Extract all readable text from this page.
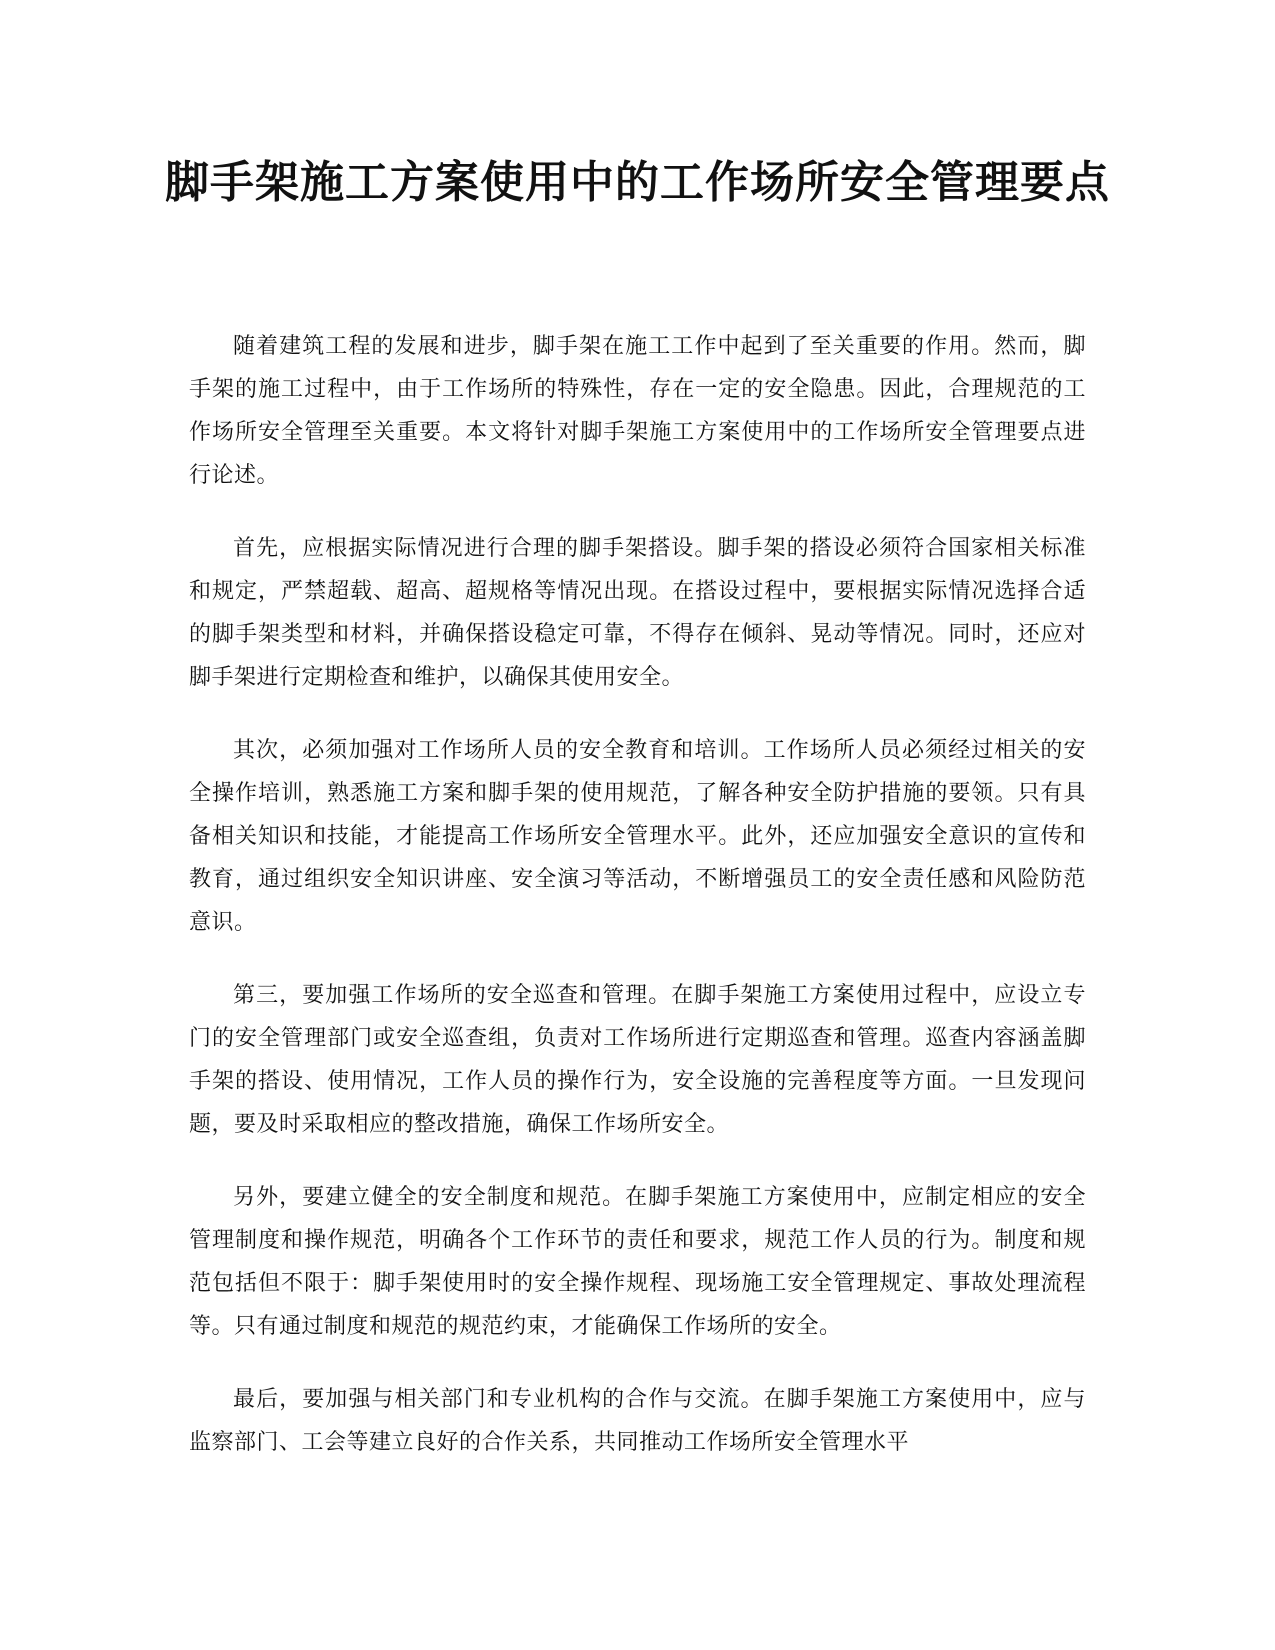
脚手架施工方案使用中的工作场所安全管理要点

随着建筑工程的发展和进步，脚手架在施工工作中起到了至关重要的作用。然而，脚手架的施工过程中，由于工作场所的特殊性，存在一定的安全隐患。因此，合理规范的工作场所安全管理至关重要。本文将针对脚手架施工方案使用中的工作场所安全管理要点进行论述。

首先，应根据实际情况进行合理的脚手架搭设。脚手架的搭设必须符合国家相关标准和规定，严禁超载、超高、超规格等情况出现。在搭设过程中，要根据实际情况选择合适的脚手架类型和材料，并确保搭设稳定可靠，不得存在倾斜、晃动等情况。同时，还应对脚手架进行定期检查和维护，以确保其使用安全。

其次，必须加强对工作场所人员的安全教育和培训。工作场所人员必须经过相关的安全操作培训，熟悉施工方案和脚手架的使用规范，了解各种安全防护措施的要领。只有具备相关知识和技能，才能提高工作场所安全管理水平。此外，还应加强安全意识的宣传和教育，通过组织安全知识讲座、安全演习等活动，不断增强员工的安全责任感和风险防范意识。

第三，要加强工作场所的安全巡查和管理。在脚手架施工方案使用过程中，应设立专门的安全管理部门或安全巡查组，负责对工作场所进行定期巡查和管理。巡查内容涵盖脚手架的搭设、使用情况，工作人员的操作行为，安全设施的完善程度等方面。一旦发现问题，要及时采取相应的整改措施，确保工作场所安全。

另外，要建立健全的安全制度和规范。在脚手架施工方案使用中，应制定相应的安全管理制度和操作规范，明确各个工作环节的责任和要求，规范工作人员的行为。制度和规范包括但不限于：脚手架使用时的安全操作规程、现场施工安全管理规定、事故处理流程等。只有通过制度和规范的规范约束，才能确保工作场所的安全。

最后，要加强与相关部门和专业机构的合作与交流。在脚手架施工方案使用中，应与监察部门、工会等建立良好的合作关系，共同推动工作场所安全管理水平
